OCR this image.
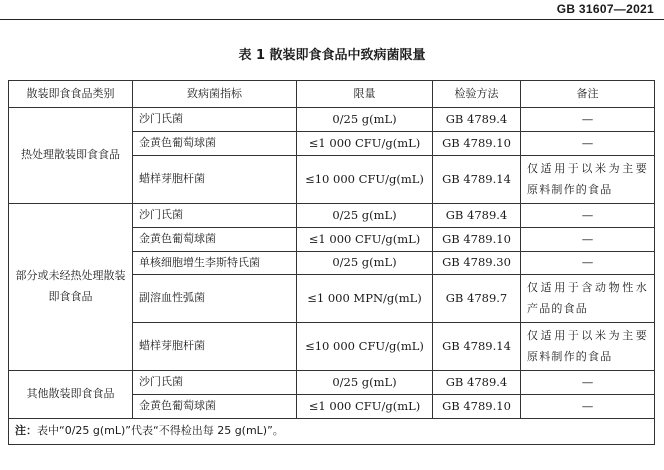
GB 31607—2021
表 1 散装即食食品中致病菌限量
散装即食食品类别	致病菌指标	限量	检验方法	备注
热处理散装即食食品	沙门氏菌	0/25 g(mL)	GB 4789.4	—
	金黄色葡萄球菌	≤1 000 CFU/g(mL)	GB 4789.10	—
	蜡样芽胞杆菌	≤10 000 CFU/g(mL)	GB 4789.14	仅适用于以米为主要原料制作的食品
部分或未经热处理散装即食食品	沙门氏菌	0/25 g(mL)	GB 4789.4	—
	金黄色葡萄球菌	≤1 000 CFU/g(mL)	GB 4789.10	—
	单核细胞增生李斯特氏菌	0/25 g(mL)	GB 4789.30	—
	副溶血性弧菌	≤1 000 MPN/g(mL)	GB 4789.7	仅适用于含动物性水产品的食品
	蜡样芽胞杆菌	≤10 000 CFU/g(mL)	GB 4789.14	仅适用于以米为主要原料制作的食品
其他散装即食食品	沙门氏菌	0/25 g(mL)	GB 4789.4	—
	金黄色葡萄球菌	≤1 000 CFU/g(mL)	GB 4789.10	—
注：表中“0/25 g(mL)”代表“不得检出每 25 g(mL)”。				
